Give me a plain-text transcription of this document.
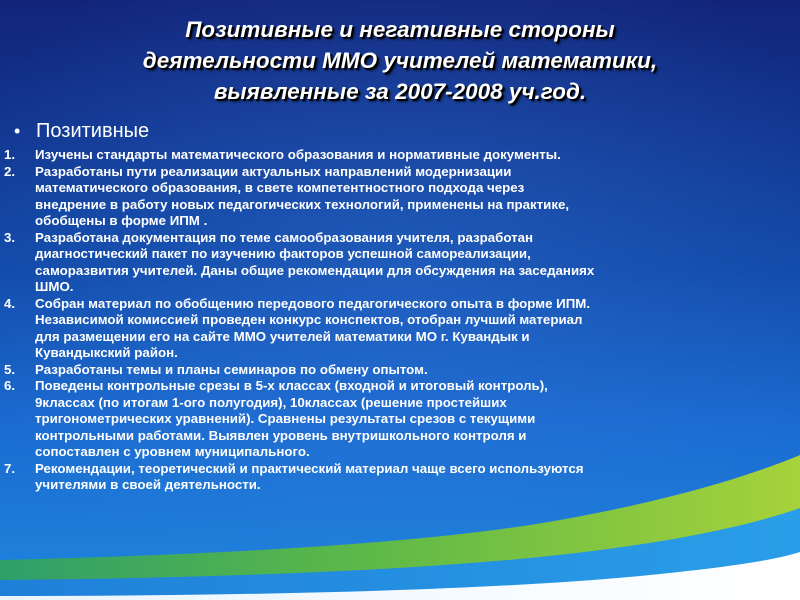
Позитивные и негативные стороны
деятельности ММО учителей математики,
выявленные за 2007-2008 уч.год.
• Позитивные
1. Изучены стандарты математического образования и нормативные документы.
2. Разработаны пути реализации актуальных направлений модернизации
математического образования, в свете компетентностного подхода через
внедрение в работу новых педагогических технологий, применены на практике,
обобщены в форме ИПМ .
3. Разработана документация по теме самообразования учителя, разработан
диагностический пакет по изучению факторов успешной самореализации,
саморазвития учителей. Даны общие рекомендации для обсуждения на заседаниях
ШМО.
4. Собран материал по обобщению передового педагогического опыта в форме ИПМ.
Независимой комиссией проведен конкурс конспектов, отобран лучший материал
для размещении его на сайте ММО учителей математики МО г. Кувандык и
Кувандыкский район.
5. Разработаны темы и планы семинаров по обмену опытом.
6. Поведены контрольные срезы в 5-х классах (входной и итоговый контроль),
9классах (по итогам 1-ого полугодия), 10классах (решение простейших
тригонометрических уравнений). Сравнены результаты срезов с текущими
контрольными работами. Выявлен уровень внутришкольного контроля и
сопоставлен с уровнем муниципального.
7. Рекомендации, теоретический и практический материал чаще всего используются
учителями в своей деятельности.
